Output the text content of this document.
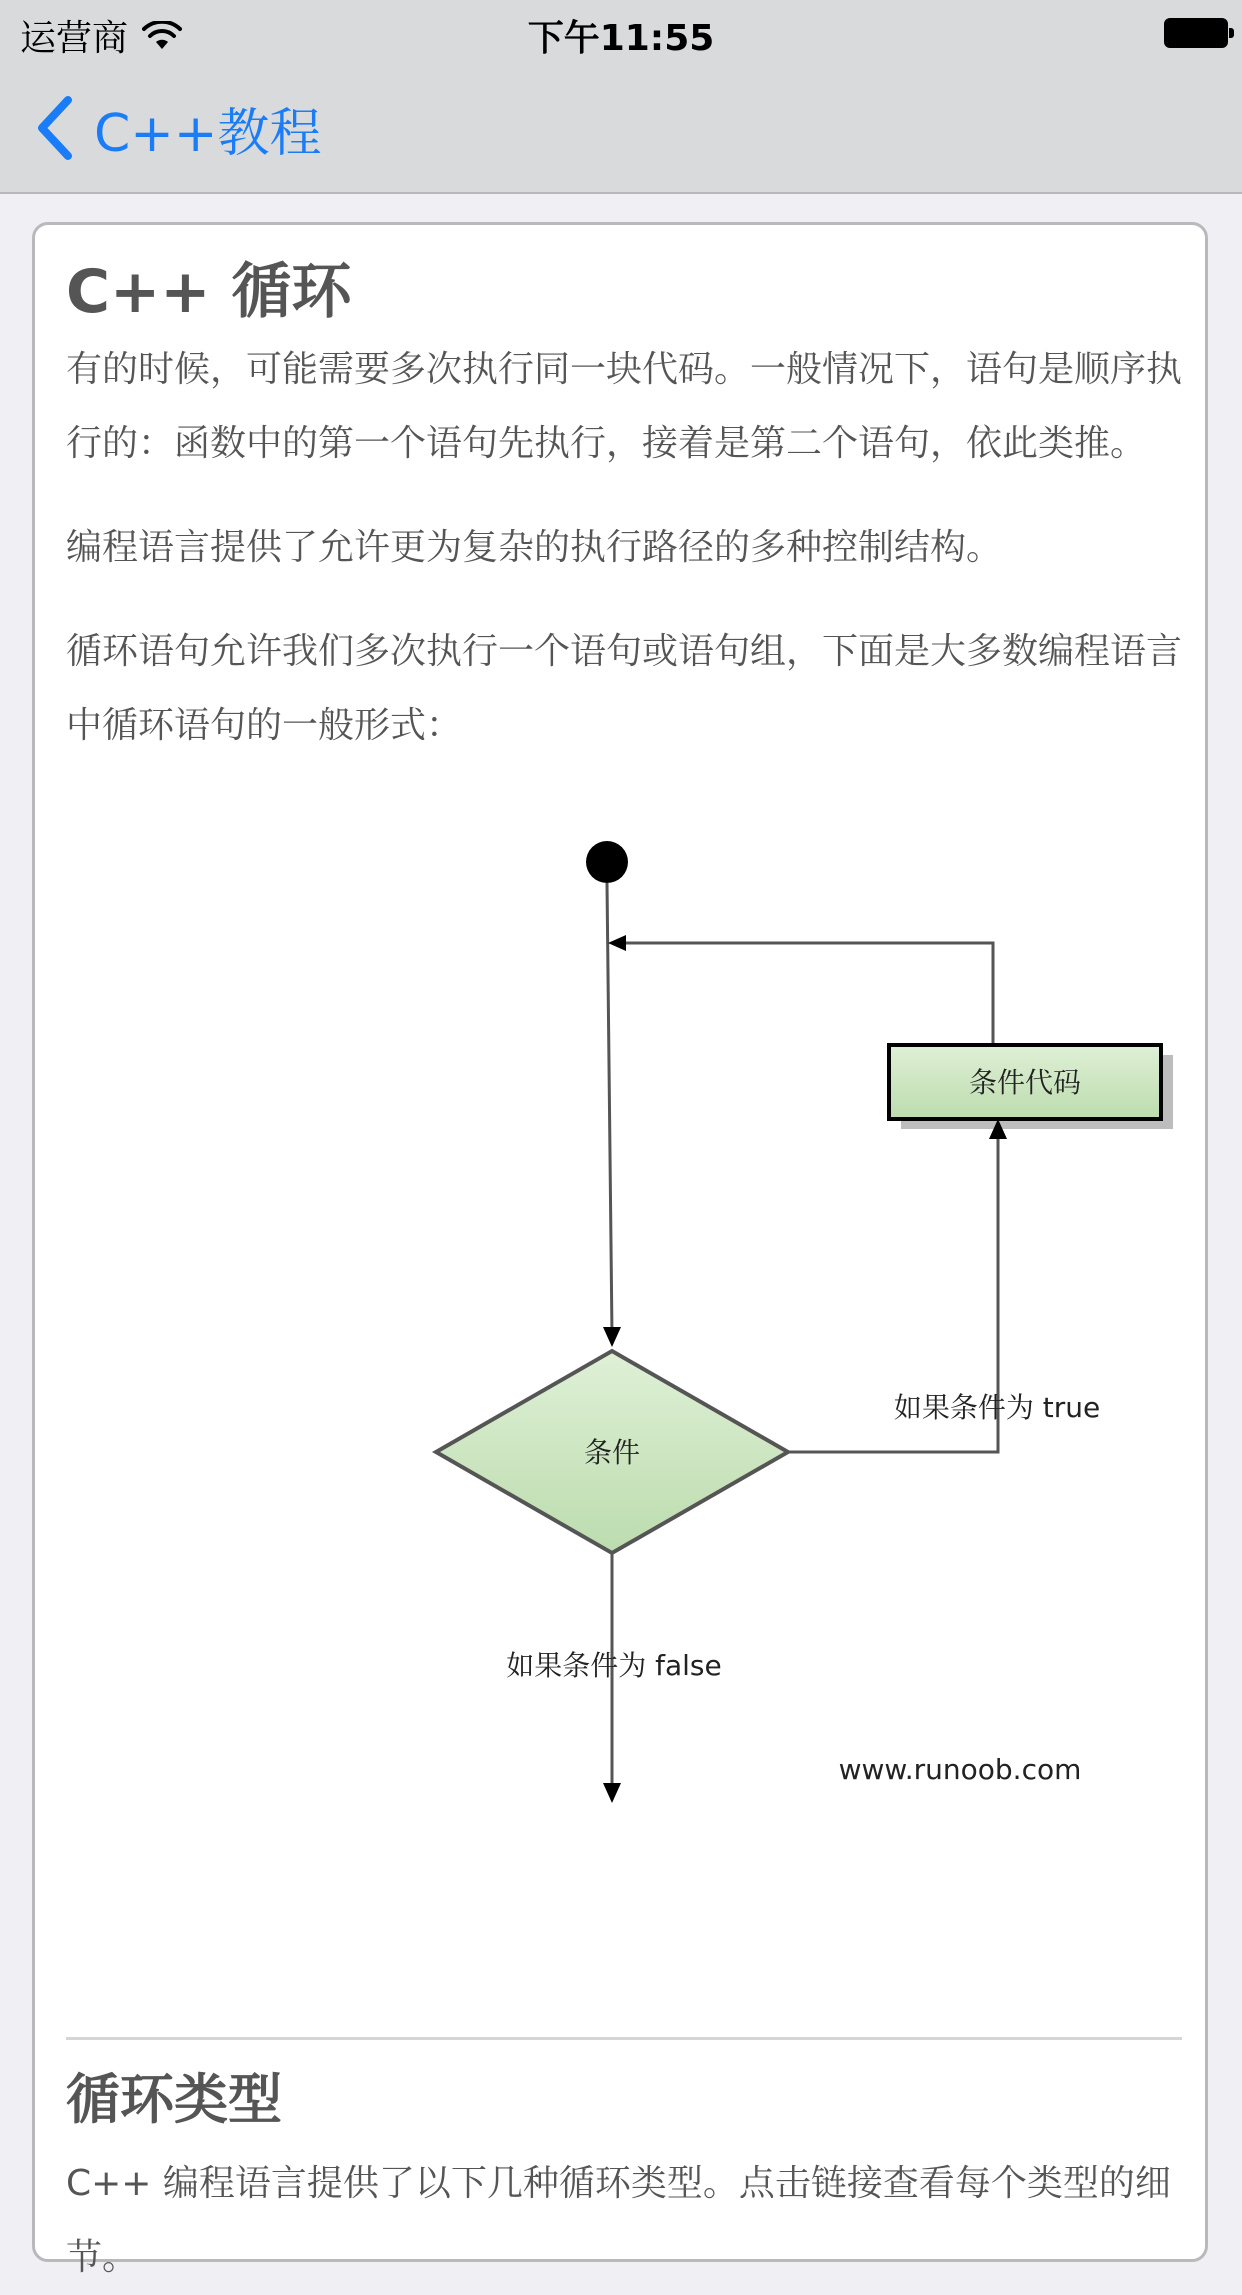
运营商	下午11:55
C++教程
C++ 循环

有的时候，可能需要多次执行同一块代码。一般情况下，语句是顺序执行的：函数中的第一个语句先执行，接着是第二个语句，依此类推。

编程语言提供了允许更为复杂的执行路径的多种控制结构。

循环语句允许我们多次执行一个语句或语句组，下面是大多数编程语言中循环语句的一般形式：

条件代码
条件
如果条件为 true
如果条件为 false
www.runoob.com
循环类型

C++ 编程语言提供了以下几种循环类型。点击链接查看每个类型的细节。
